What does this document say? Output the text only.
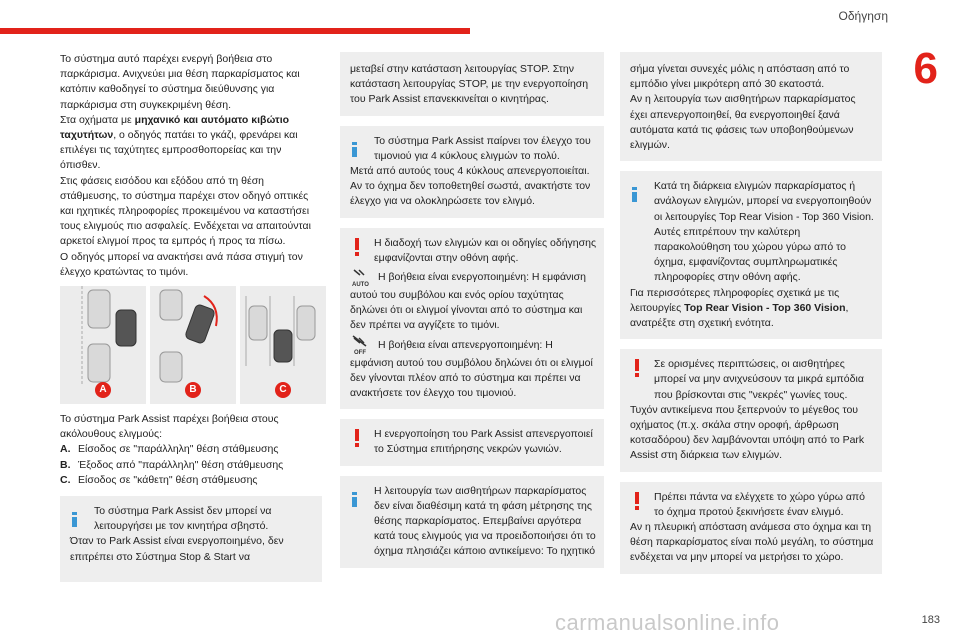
Οδήγηση
6
183
carmanualsonline.info

Το σύστημα αυτό παρέχει ενεργή βοήθεια στο παρκάρισμα. Ανιχνεύει μια θέση παρκαρίσματος και κατόπιν καθοδηγεί το σύστημα διεύθυνσης για παρκάρισμα στη συγκεκριμένη θέση.

Στα οχήματα με μηχανικό και αυτόματο κιβώτιο ταχυτήτων, ο οδηγός πατάει το γκάζι, φρενάρει και επιλέγει τις ταχύτητες εμπροσθοπορείας και την όπισθεν.

Στις φάσεις εισόδου και εξόδου από τη θέση στάθμευσης, το σύστημα παρέχει στον οδηγό οπτικές και ηχητικές πληροφορίες προκειμένου να καταστήσει τους ελιγμούς πιο ασφαλείς. Ενδέχεται να απαιτούνται αρκετοί ελιγμοί προς τα εμπρός ή προς τα πίσω.

Ο οδηγός μπορεί να ανακτήσει ανά πάσα στιγμή τον έλεγχο κρατώντας το τιμόνι.

A	B	C

Το σύστημα Park Assist παρέχει βοήθεια στους ακόλουθους ελιγμούς:

A. Είσοδος σε "παράλληλη" θέση στάθμευσης
B. Έξοδος από "παράλληλη" θέση στάθμευσης
C. Είσοδος σε "κάθετη" θέση στάθμευσης

Το σύστημα Park Assist δεν μπορεί να λειτουργήσει με τον κινητήρα σβηστό.

Όταν το Park Assist είναι ενεργοποιημένο, δεν επιτρέπει στο Σύστημα Stop & Start να

μεταβεί στην κατάσταση λειτουργίας STOP. Στην κατάσταση λειτουργίας STOP, με την ενεργοποίηση του Park Assist επανεκκινείται ο κινητήρας.

Το σύστημα Park Assist παίρνει τον έλεγχο του τιμονιού για 4 κύκλους ελιγμών το πολύ.

Μετά από αυτούς τους 4 κύκλους απενεργοποιείται. Αν το όχημα δεν τοποθετηθεί σωστά, ανακτήστε τον έλεγχο για να ολοκληρώσετε τον ελιγμό.

Η διαδοχή των ελιγμών και οι οδηγίες οδήγησης εμφανίζονται στην οθόνη αφής.

AUTO
Η βοήθεια είναι ενεργοποιημένη: Η εμφάνιση αυτού του συμβόλου και ενός ορίου ταχύτητας δηλώνει ότι οι ελιγμοί γίνονται από το σύστημα και δεν πρέπει να αγγίζετε το τιμόνι.

OFF
Η βοήθεια είναι απενεργοποιημένη: Η εμφάνιση αυτού του συμβόλου δηλώνει ότι οι ελιγμοί δεν γίνονται πλέον από το σύστημα και πρέπει να ανακτήσετε τον έλεγχο του τιμονιού.

Η ενεργοποίηση του Park Assist απενεργοποιεί το Σύστημα επιτήρησης νεκρών γωνιών.

Η λειτουργία των αισθητήρων παρκαρίσματος δεν είναι διαθέσιμη κατά τη φάση μέτρησης της θέσης παρκαρίσματος. Επεμβαίνει αργότερα κατά τους ελιγμούς για να προειδοποιήσει ότι το όχημα πλησιάζει κάποιο αντικείμενο: Το ηχητικό

σήμα γίνεται συνεχές μόλις η απόσταση από το εμπόδιο γίνει μικρότερη από 30 εκατοστά.

Αν η λειτουργία των αισθητήρων παρκαρίσματος έχει απενεργοποιηθεί, θα ενεργοποιηθεί ξανά αυτόματα κατά τις φάσεις των υποβοηθούμενων ελιγμών.

Κατά τη διάρκεια ελιγμών παρκαρίσματος ή ανάλογων ελιγμών, μπορεί να ενεργοποιηθούν οι λειτουργίες Top Rear Vision - Top 360 Vision. Αυτές επιτρέπουν την καλύτερη παρακολούθηση του χώρου γύρω από το όχημα, εμφανίζοντας συμπληρωματικές πληροφορίες στην οθόνη αφής.

Για περισσότερες πληροφορίες σχετικά με τις λειτουργίες Top Rear Vision - Top 360 Vision, ανατρέξτε στη σχετική ενότητα.

Σε ορισμένες περιπτώσεις, οι αισθητήρες μπορεί να μην ανιχνεύσουν τα μικρά εμπόδια που βρίσκονται στις "νεκρές" γωνίες τους.

Τυχόν αντικείμενα που ξεπερνούν το μέγεθος του οχήματος (π.χ. σκάλα στην οροφή, άρθρωση κοτσαδόρου) δεν λαμβάνονται υπόψη από το Park Assist στη διάρκεια των ελιγμών.

Πρέπει πάντα να ελέγχετε το χώρο γύρω από το όχημα προτού ξεκινήσετε έναν ελιγμό.

Αν η πλευρική απόσταση ανάμεσα στο όχημα και τη θέση παρκαρίσματος είναι πολύ μεγάλη, το σύστημα ενδέχεται να μην μπορεί να μετρήσει το χώρο.
